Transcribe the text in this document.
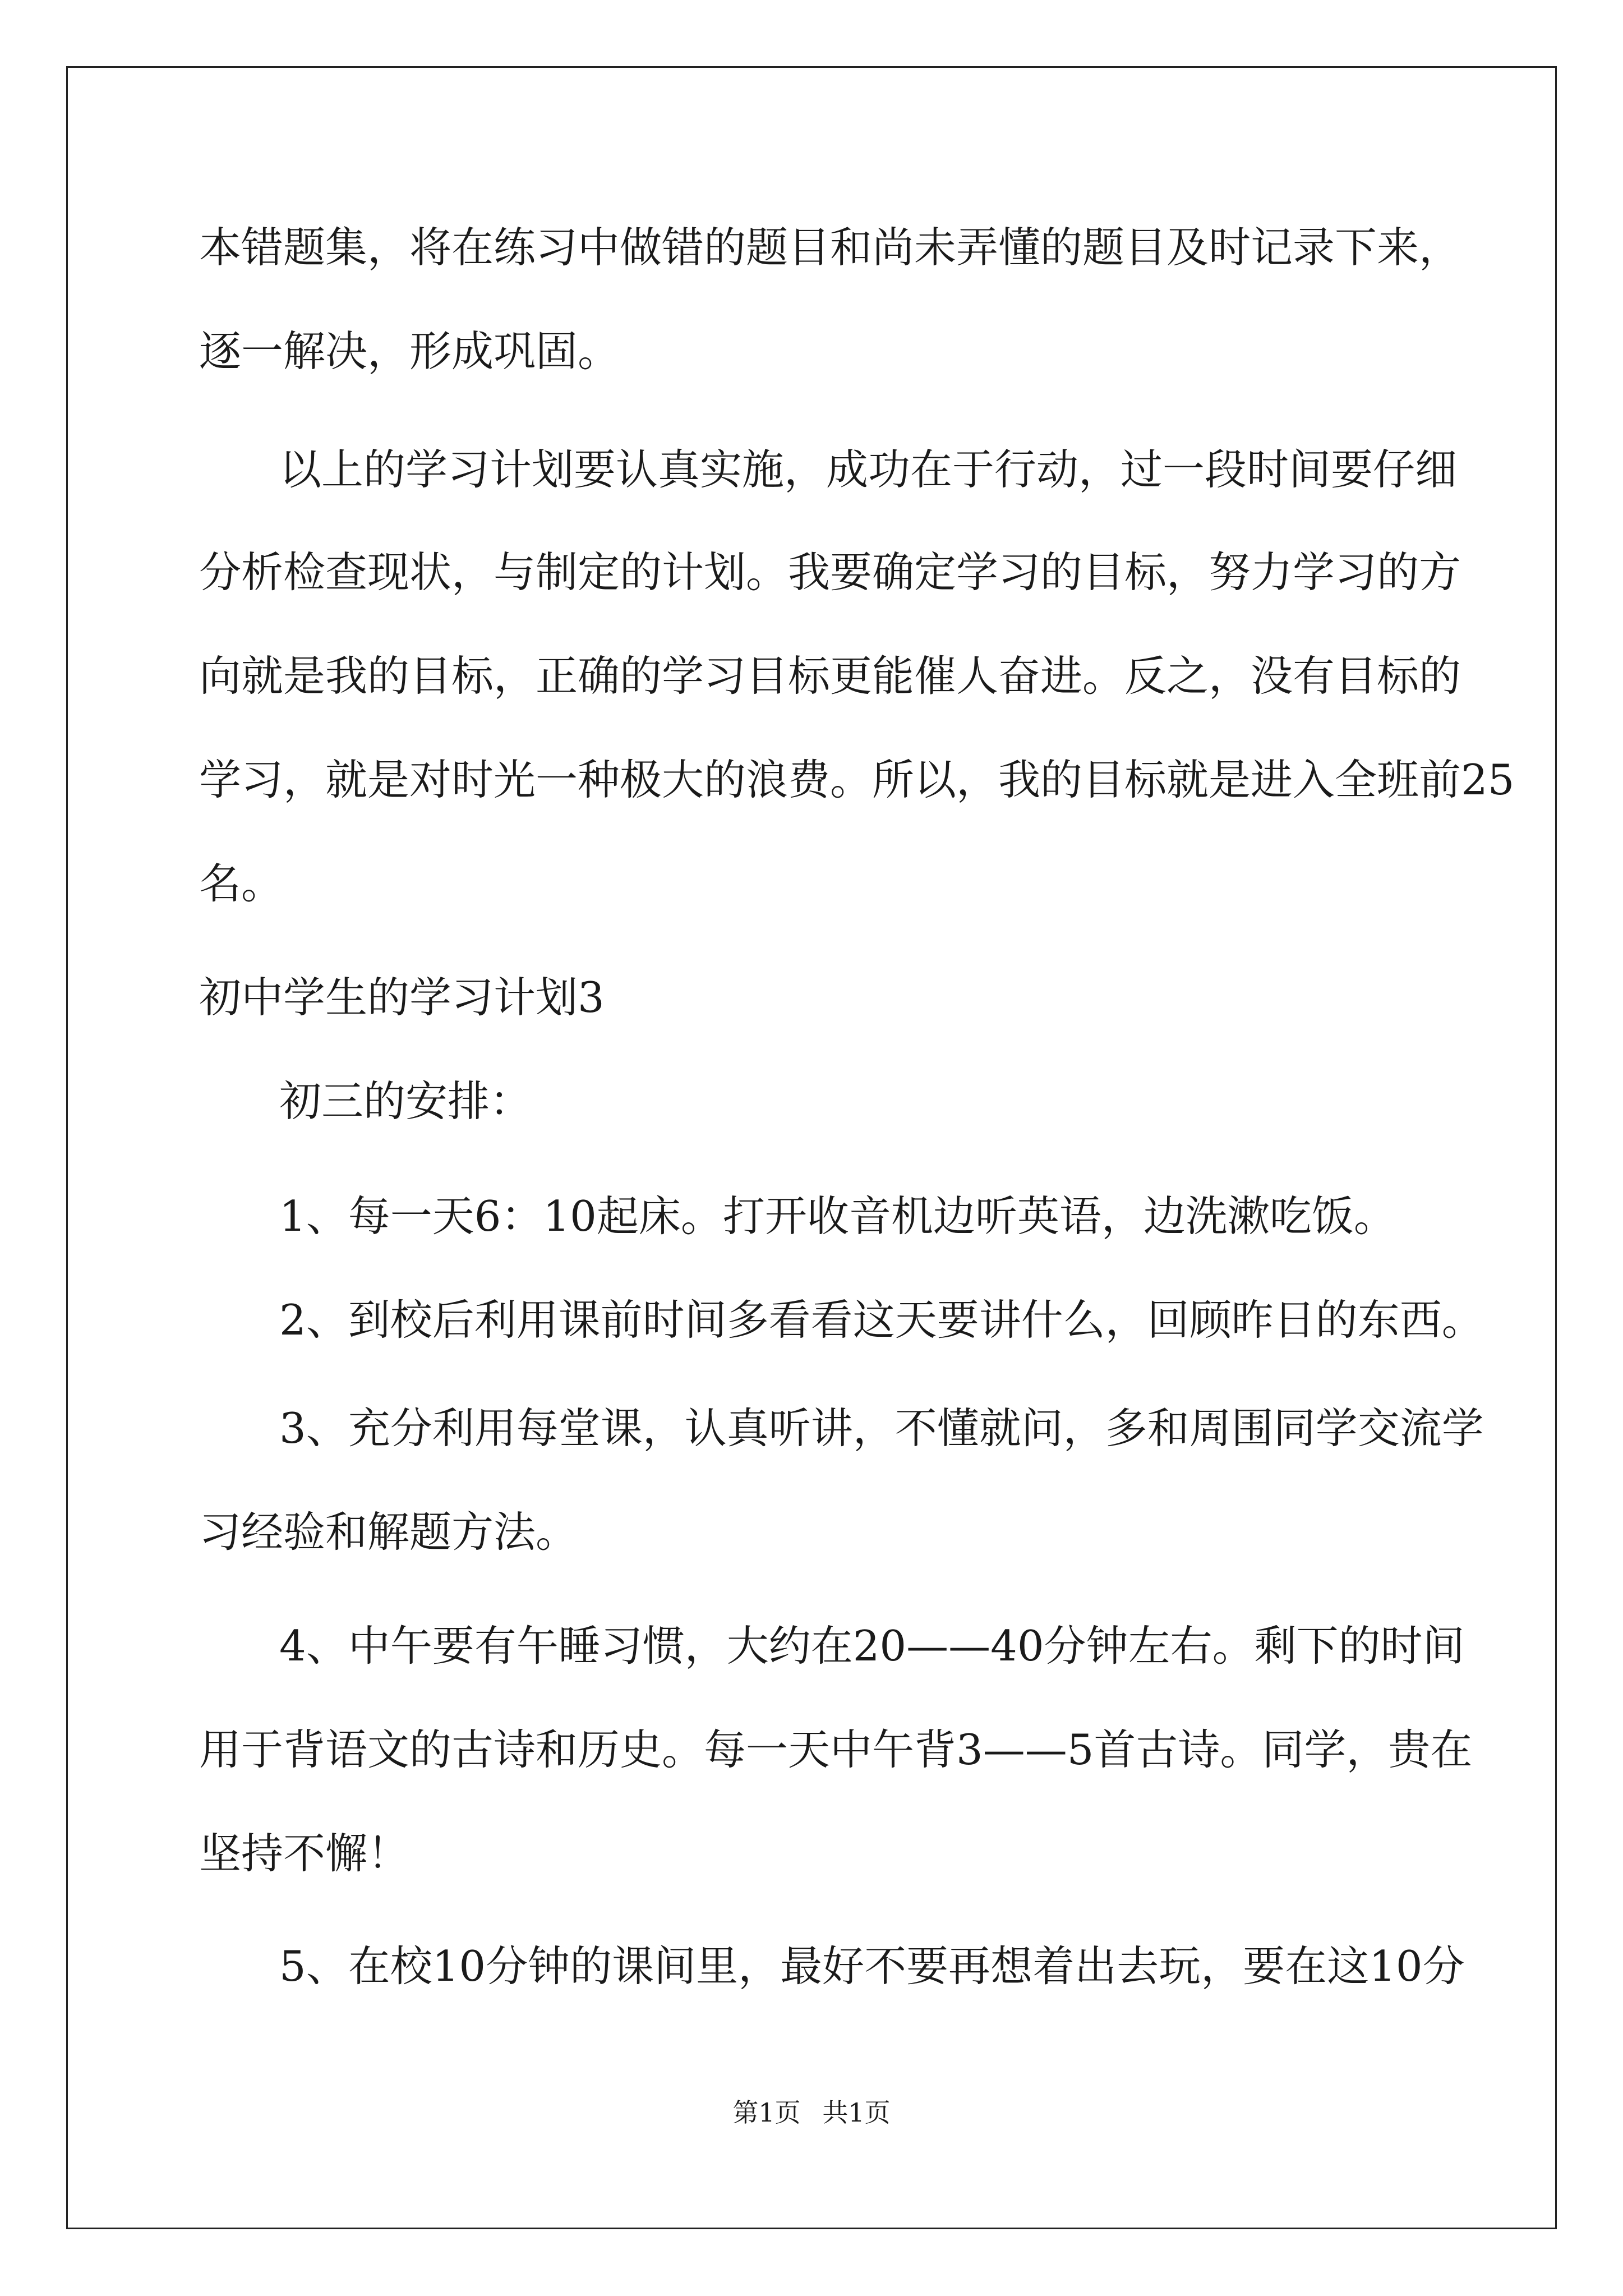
本错题集，将在练习中做错的题目和尚未弄懂的题目及时记录下来，
逐一解决，形成巩固。
以上的学习计划要认真实施，成功在于行动，过一段时间要仔细
分析检查现状，与制定的计划。我要确定学习的目标，努力学习的方
向就是我的目标，正确的学习目标更能催人奋进。反之，没有目标的
学习，就是对时光一种极大的浪费。所以，我的目标就是进入全班前25
名。
初中学生的学习计划3
初三的安排：
1、每一天6：10起床。打开收音机边听英语，边洗漱吃饭。
2、到校后利用课前时间多看看这天要讲什么，回顾昨日的东西。
3、充分利用每堂课，认真听讲，不懂就问，多和周围同学交流学
习经验和解题方法。
4、中午要有午睡习惯，大约在20——40分钟左右。剩下的时间
用于背语文的古诗和历史。每一天中午背3——5首古诗。同学，贵在
坚持不懈！
5、在校10分钟的课间里，最好不要再想着出去玩，要在这10分
第1页 共1页
